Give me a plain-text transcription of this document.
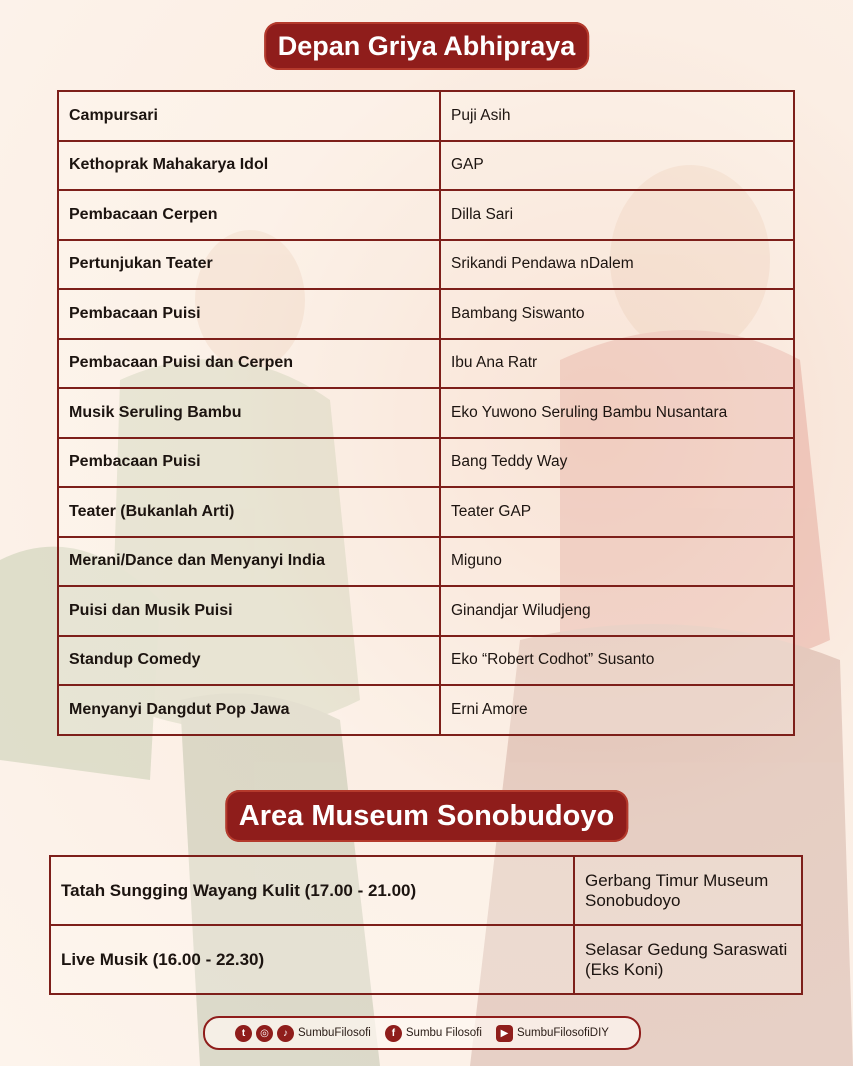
Depan Griya Abhipraya
Campursari	Puji Asih
Kethoprak Mahakarya Idol	GAP
Pembacaan Cerpen	Dilla Sari
Pertunjukan Teater	Srikandi Pendawa nDalem
Pembacaan Puisi	Bambang Siswanto
Pembacaan Puisi dan Cerpen	Ibu Ana Ratr
Musik Seruling Bambu	Eko Yuwono Seruling Bambu Nusantara
Pembacaan Puisi	Bang Teddy Way
Teater (Bukanlah Arti)	Teater GAP
Merani/Dance dan Menyanyi India	Miguno
Puisi dan Musik Puisi	Ginandjar Wiludjeng
Standup Comedy	Eko “Robert Codhot” Susanto
Menyanyi Dangdut Pop Jawa	Erni Amore
Area Museum Sonobudoyo
Tatah Sungging Wayang Kulit (17.00 - 21.00)	Gerbang Timur Museum Sonobudoyo
Live Musik (16.00 - 22.30)	Selasar Gedung Saraswati (Eks Koni)
t	◎	♪ SumbuFilosofi	f Sumbu Filosofi	▶ SumbuFilosofiDIY
